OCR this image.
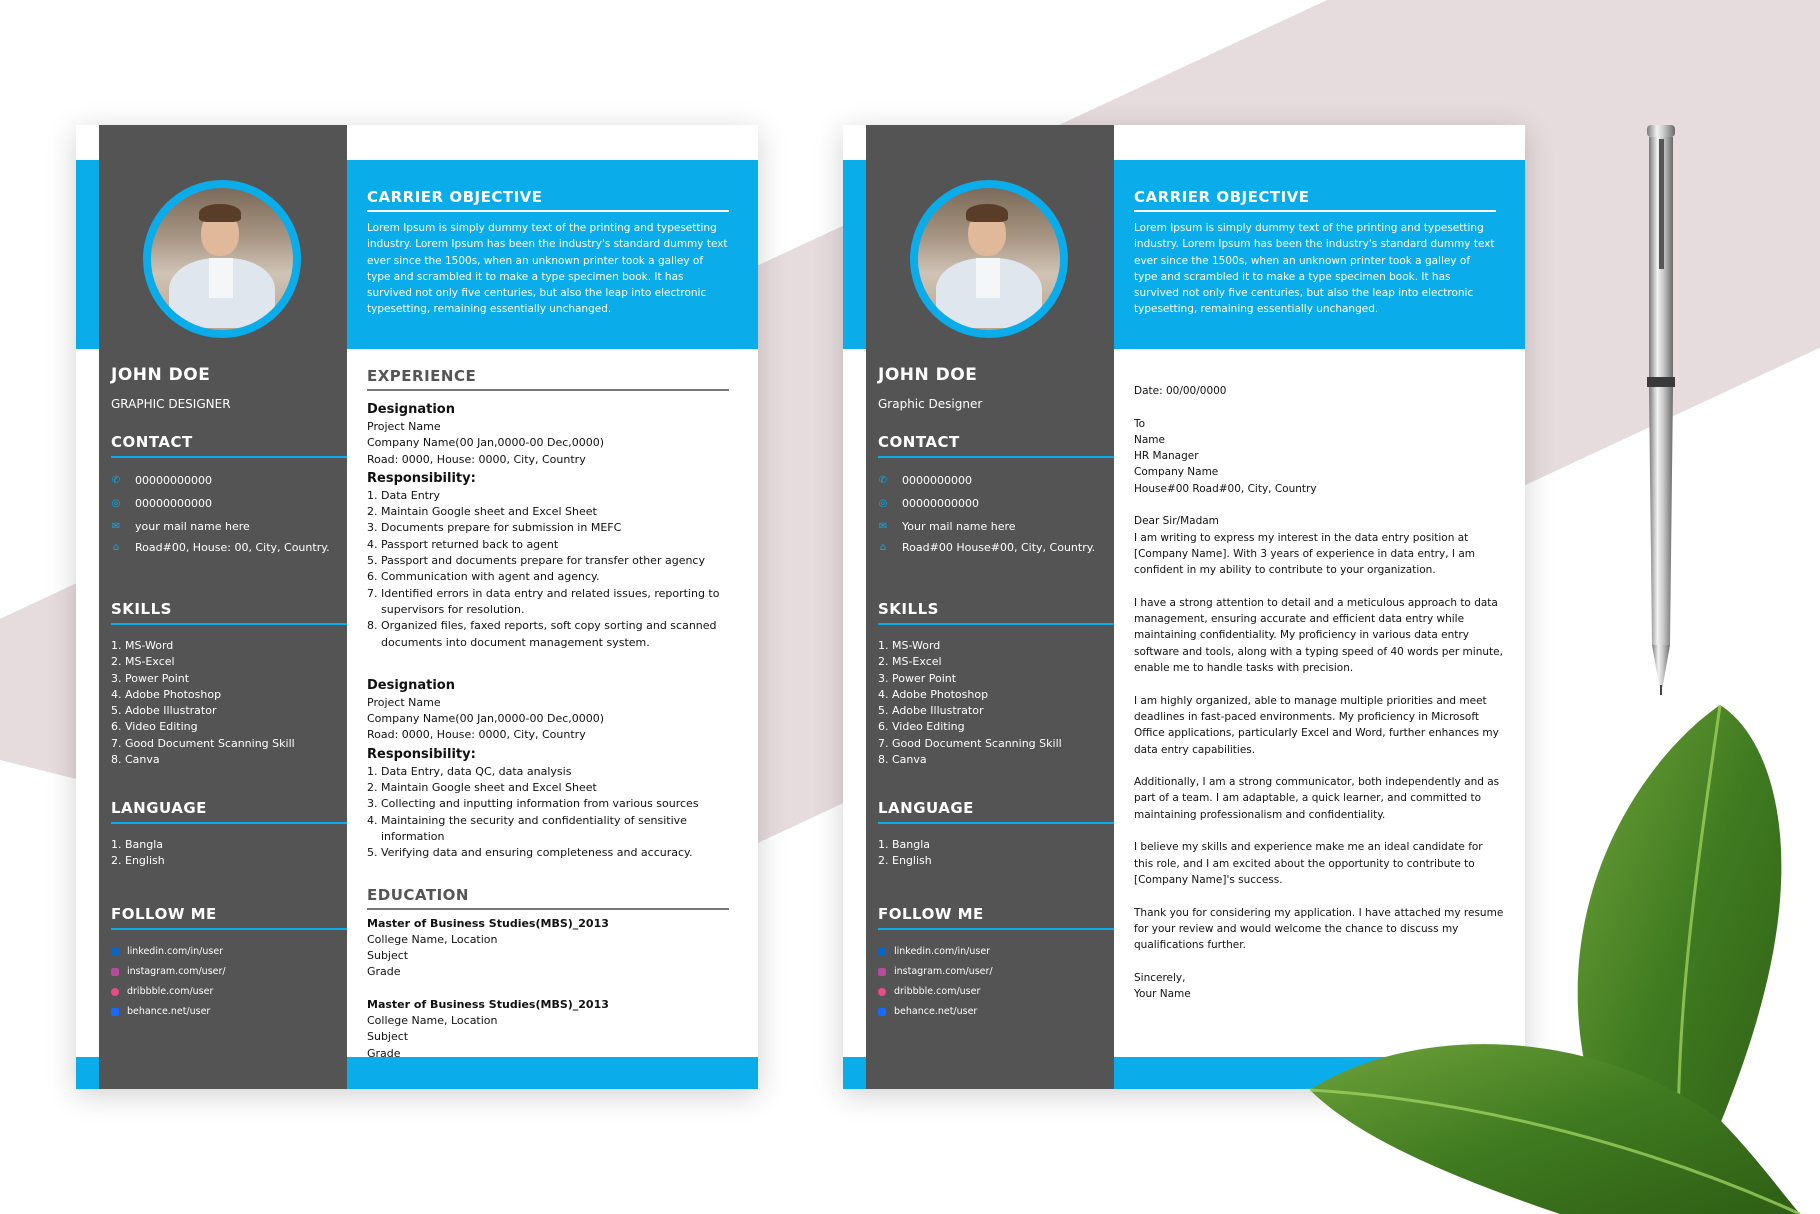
JOHN DOE
GRAPHIC DESIGNER
CONTACT
✆ 00000000000
◎ 00000000000
✉ your mail name here
⌂ Road#00, House: 00, City, Country.
SKILLS
1. MS-Word
2. MS-Excel
3. Power Point
4. Adobe Photoshop
5. Adobe Illustrator
6. Video Editing
7. Good Document Scanning Skill
8. Canva
LANGUAGE
1. Bangla
2. English
FOLLOW ME
linkedin.com/in/user
instagram.com/user/
dribbble.com/user
behance.net/user
CARRIER OBJECTIVE

Lorem Ipsum is simply dummy text of the printing and typesetting industry. Lorem Ipsum has been the industry's standard dummy text ever since the 1500s, when an unknown printer took a galley of type and scrambled it to make a type specimen book. It has survived not only five centuries, but also the leap into electronic typesetting, remaining essentially unchanged.

EXPERIENCE
Designation
Project Name
Company Name(00 Jan,0000-00 Dec,0000)
Road: 0000, House: 0000, City, Country
Responsibility:
1. Data Entry
2. Maintain Google sheet and Excel Sheet
3. Documents prepare for submission in MEFC
4. Passport returned back to agent
5. Passport and documents prepare for transfer other agency
6. Communication with agent and agency.
7. Identified errors in data entry and related issues, reporting to supervisors for resolution.
8. Organized files, faxed reports, soft copy sorting and scanned documents into document management system.
Designation
Project Name
Company Name(00 Jan,0000-00 Dec,0000)
Road: 0000, House: 0000, City, Country
Responsibility:
1. Data Entry, data QC, data analysis
2. Maintain Google sheet and Excel Sheet
3. Collecting and inputting information from various sources
4. Maintaining the security and confidentiality of sensitive information
5. Verifying data and ensuring completeness and accuracy.
EDUCATION
Master of Business Studies(MBS)_2013
College Name, Location
Subject
Grade
Master of Business Studies(MBS)_2013
College Name, Location
Subject
Grade
JOHN DOE
Graphic Designer
CONTACT
✆ 0000000000
◎ 00000000000
✉ Your mail name here
⌂ Road#00 House#00, City, Country.
SKILLS
1. MS-Word
2. MS-Excel
3. Power Point
4. Adobe Photoshop
5. Adobe Illustrator
6. Video Editing
7. Good Document Scanning Skill
8. Canva
LANGUAGE
1. Bangla
2. English
FOLLOW ME
linkedin.com/in/user
instagram.com/user/
dribbble.com/user
behance.net/user
CARRIER OBJECTIVE

Lorem Ipsum is simply dummy text of the printing and typesetting industry. Lorem Ipsum has been the industry's standard dummy text ever since the 1500s, when an unknown printer took a galley of type and scrambled it to make a type specimen book. It has survived not only five centuries, but also the leap into electronic typesetting, remaining essentially unchanged.

Date: 00/00/0000

To
Name
HR Manager
Company Name
House#00 Road#00, City, Country

Dear Sir/Madam
I am writing to express my interest in the data entry position at [Company Name]. With 3 years of experience in data entry, I am confident in my ability to contribute to your organization.

I have a strong attention to detail and a meticulous approach to data management, ensuring accurate and efficient data entry while maintaining confidentiality. My proficiency in various data entry software and tools, along with a typing speed of 40 words per minute, enable me to handle tasks with precision.

I am highly organized, able to manage multiple priorities and meet deadlines in fast-paced environments. My proficiency in Microsoft Office applications, particularly Excel and Word, further enhances my data entry capabilities.

Additionally, I am a strong communicator, both independently and as part of a team. I am adaptable, a quick learner, and committed to maintaining professionalism and confidentiality.

I believe my skills and experience make me an ideal candidate for this role, and I am excited about the opportunity to contribute to [Company Name]'s success.

Thank you for considering my application. I have attached my resume for your review and would welcome the chance to discuss my qualifications further.

Sincerely,
Your Name
